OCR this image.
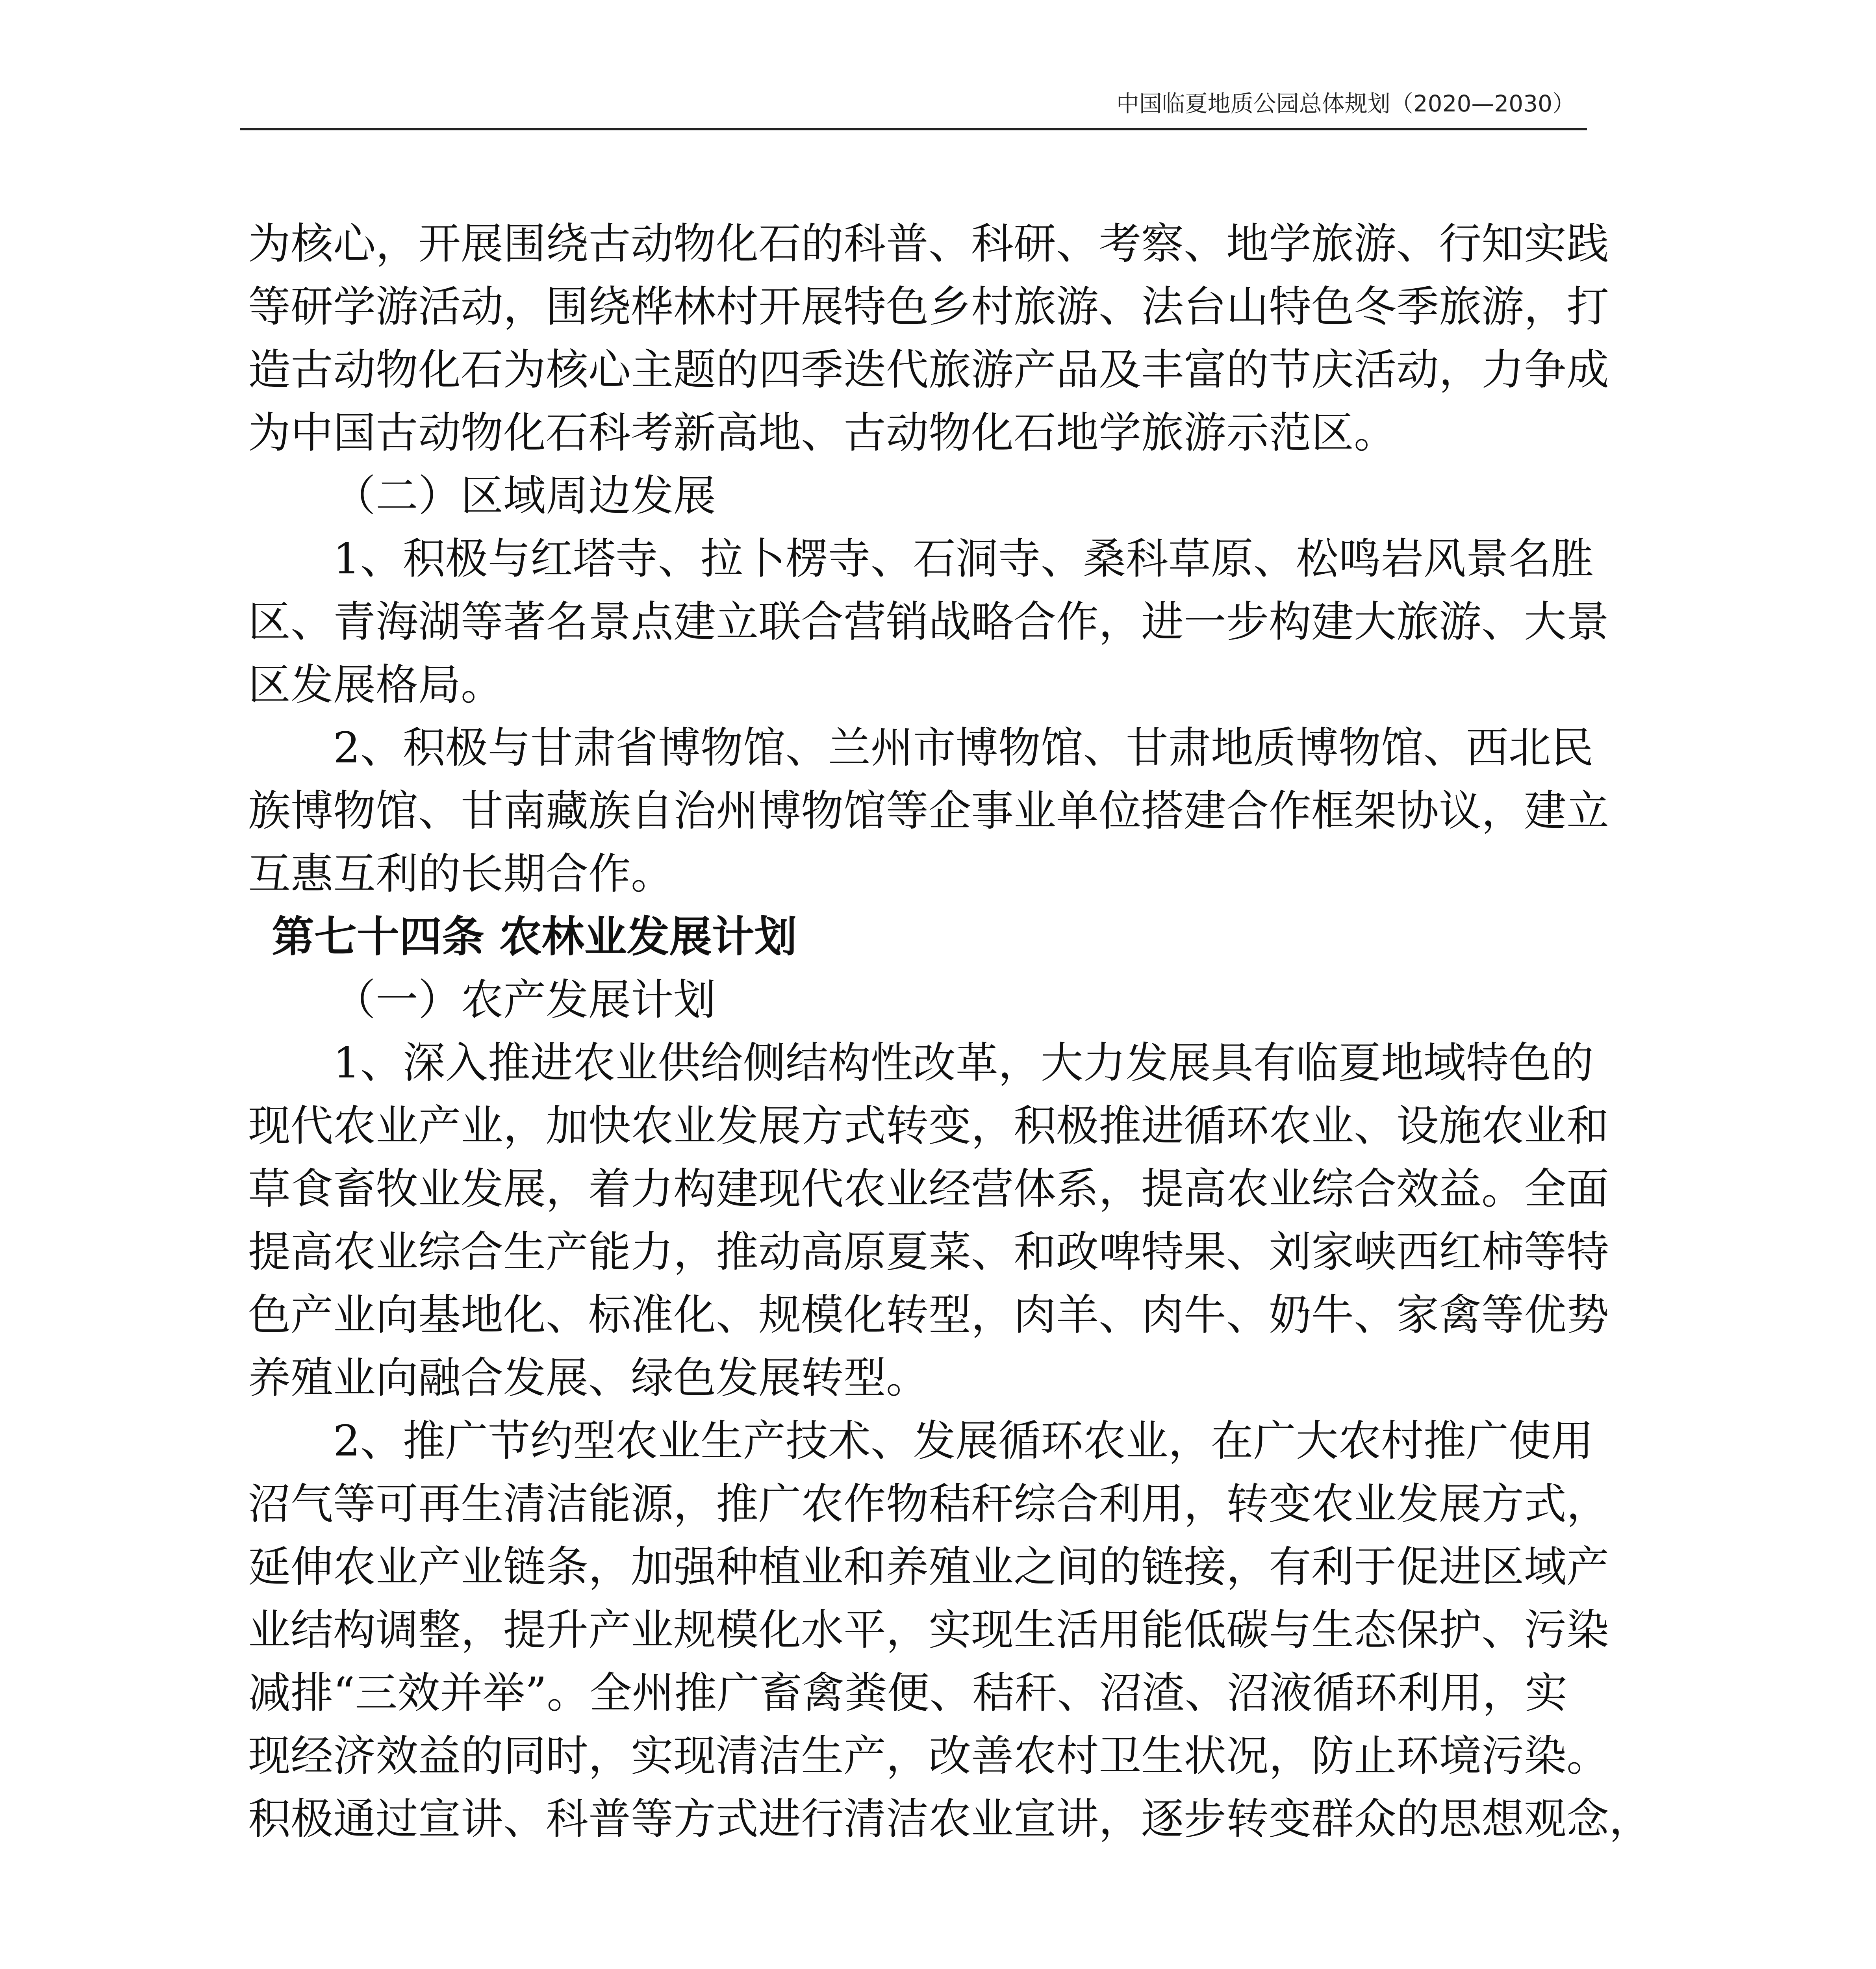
中国临夏地质公园总体规划（2020—2030）
为核心，开展围绕古动物化石的科普、科研、考察、地学旅游、行知实践
等研学游活动，围绕桦林村开展特色乡村旅游、法台山特色冬季旅游，打
造古动物化石为核心主题的四季迭代旅游产品及丰富的节庆活动，力争成
为中国古动物化石科考新高地、古动物化石地学旅游示范区。
（二）区域周边发展
1、积极与红塔寺、拉卜楞寺、石洞寺、桑科草原、松鸣岩风景名胜
区、青海湖等著名景点建立联合营销战略合作，进一步构建大旅游、大景
区发展格局。
2、积极与甘肃省博物馆、兰州市博物馆、甘肃地质博物馆、西北民
族博物馆、甘南藏族自治州博物馆等企事业单位搭建合作框架协议，建立
互惠互利的长期合作。
第七十四条 农林业发展计划
（一）农产发展计划
1、深入推进农业供给侧结构性改革，大力发展具有临夏地域特色的
现代农业产业，加快农业发展方式转变，积极推进循环农业、设施农业和
草食畜牧业发展，着力构建现代农业经营体系，提高农业综合效益。全面
提高农业综合生产能力，推动高原夏菜、和政啤特果、刘家峡西红柿等特
色产业向基地化、标准化、规模化转型，肉羊、肉牛、奶牛、家禽等优势
养殖业向融合发展、绿色发展转型。
2、推广节约型农业生产技术、发展循环农业，在广大农村推广使用
沼气等可再生清洁能源，推广农作物秸秆综合利用，转变农业发展方式，
延伸农业产业链条，加强种植业和养殖业之间的链接，有利于促进区域产
业结构调整，提升产业规模化水平，实现生活用能低碳与生态保护、污染
减排“三效并举”。全州推广畜禽粪便、秸秆、沼渣、沼液循环利用，实
现经济效益的同时，实现清洁生产，改善农村卫生状况，防止环境污染。
积极通过宣讲、科普等方式进行清洁农业宣讲，逐步转变群众的思想观念，
